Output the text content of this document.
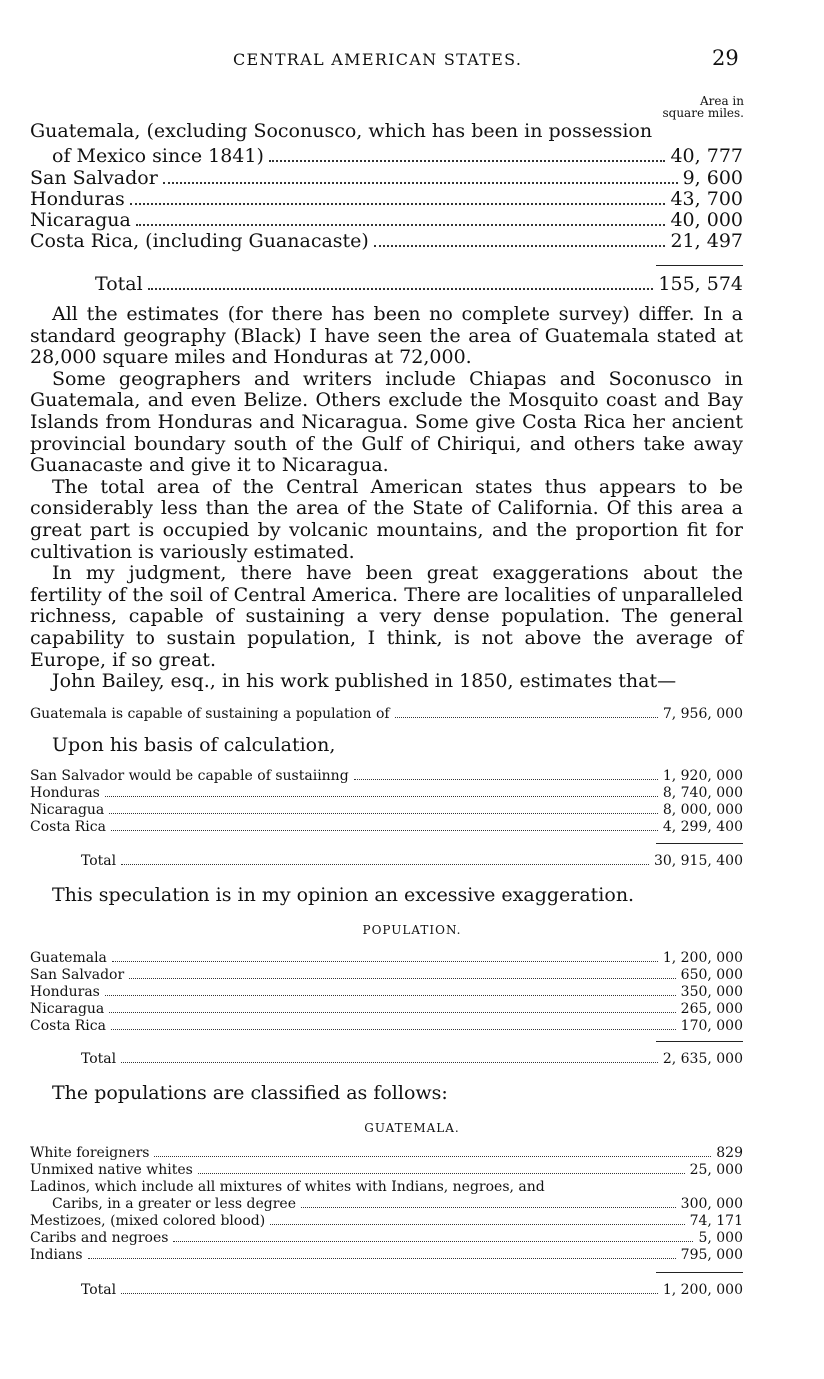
CENTRAL AMERICAN STATES.	29
Area in
square miles.
Guatemala, (excluding Soconusco, which has been in possession
of Mexico since 1841)	40, 777
San Salvador	9, 600
Honduras	43, 700
Nicaragua	40, 000
Costa Rica, (including Guanacaste)	21, 497
Total	155, 574

All the estimates (for there has been no complete survey) differ. In a standard geography (Black) I have seen the area of Guatemala stated at 28,000 square miles and Honduras at 72,000.

Some geographers and writers include Chiapas and Soconusco in Guatemala, and even Belize. Others exclude the Mosquito coast and Bay Islands from Honduras and Nicaragua. Some give Costa Rica her ancient provincial boundary south of the Gulf of Chiriqui, and others take away Guanacaste and give it to Nicaragua.

The total area of the Central American states thus appears to be considerably less than the area of the State of California. Of this area a great part is occupied by volcanic mountains, and the proportion fit for cultivation is variously estimated.

In my judgment, there have been great exaggerations about the fertility of the soil of Central America. There are localities of unparalleled richness, capable of sustaining a very dense population. The general capability to sustain population, I think, is not above the average of Europe, if so great.

John Bailey, esq., in his work published in 1850, estimates that—

Guatemala is capable of sustaining a population of	7, 956, 000
Upon his basis of calculation,
San Salvador would be capable of sustaiinng	1, 920, 000
Honduras	8, 740, 000
Nicaragua	8, 000, 000
Costa Rica	4, 299, 400
Total	30, 915, 400
This speculation is in my opinion an excessive exaggeration.
POPULATION.
Guatemala	1, 200, 000
San Salvador	650, 000
Honduras	350, 000
Nicaragua	265, 000
Costa Rica	170, 000
Total	2, 635, 000
The populations are classified as follows:
GUATEMALA.
White foreigners	829
Unmixed native whites	25, 000
Ladinos, which include all mixtures of whites with Indians, negroes, and
Caribs, in a greater or less degree	300, 000
Mestizoes, (mixed colored blood)	74, 171
Caribs and negroes	5, 000
Indians	795, 000
Total	1, 200, 000
